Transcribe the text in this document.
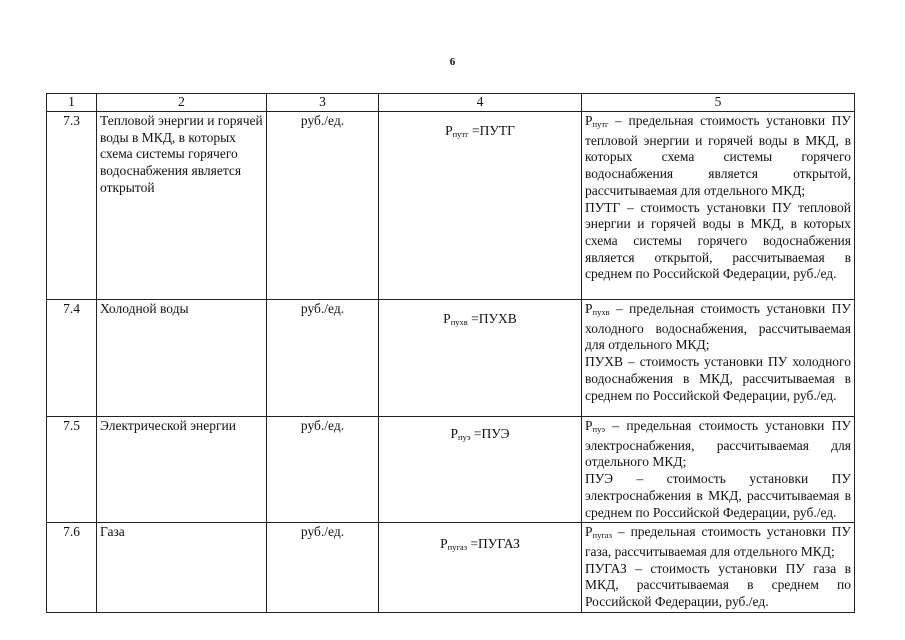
6
1	2	3	4	5
7.3	Тепловой энергии и горячей воды в МКД, в которых схема системы горячего водоснабжения является открытой	руб./ед.	$P_{путг}$ =ПУТГ	$P_{путг}$ – предельная стоимость установки ПУ тепловой энергии и горячей воды в МКД, в которых схема системы горячего водоснабжения является открытой, рассчитываемая для отдельного МКД;

ПУТГ – стоимость установки ПУ тепловой энергии и горячей воды в МКД, в которых схема системы горячего водоснабжения является открытой, рассчитываемая в среднем по Российской Федерации, руб./ед.

7.4	Холодной воды	руб./ед.	$P_{пухв}$ =ПУХВ	$P_{пухв}$ – предельная стоимость установки ПУ холодного водоснабжения, рассчитываемая для отдельного МКД;

ПУХВ – стоимость установки ПУ холодного водоснабжения в МКД, рассчитываемая в среднем по Российской Федерации, руб./ед.

7.5	Электрической энергии	руб./ед.	$P_{пуэ} =ПУЭ$	$P_{пуэ}$ – предельная стоимость установки ПУ электроснабжения, рассчитываемая для отдельного МКД;

ПУЭ – стоимость установки ПУ электроснабжения в МКД, рассчитываемая в среднем по Российской Федерации, руб./ед.

7.6	Газа	руб./ед.	$P_{пугаз}$ =ПУГАЗ	$P_{пугаз}$ – предельная стоимость установки ПУ газа, рассчитываемая для отдельного МКД;

ПУГАЗ – стоимость установки ПУ газа в МКД, рассчитываемая в среднем по Российской Федерации, руб./ед.
